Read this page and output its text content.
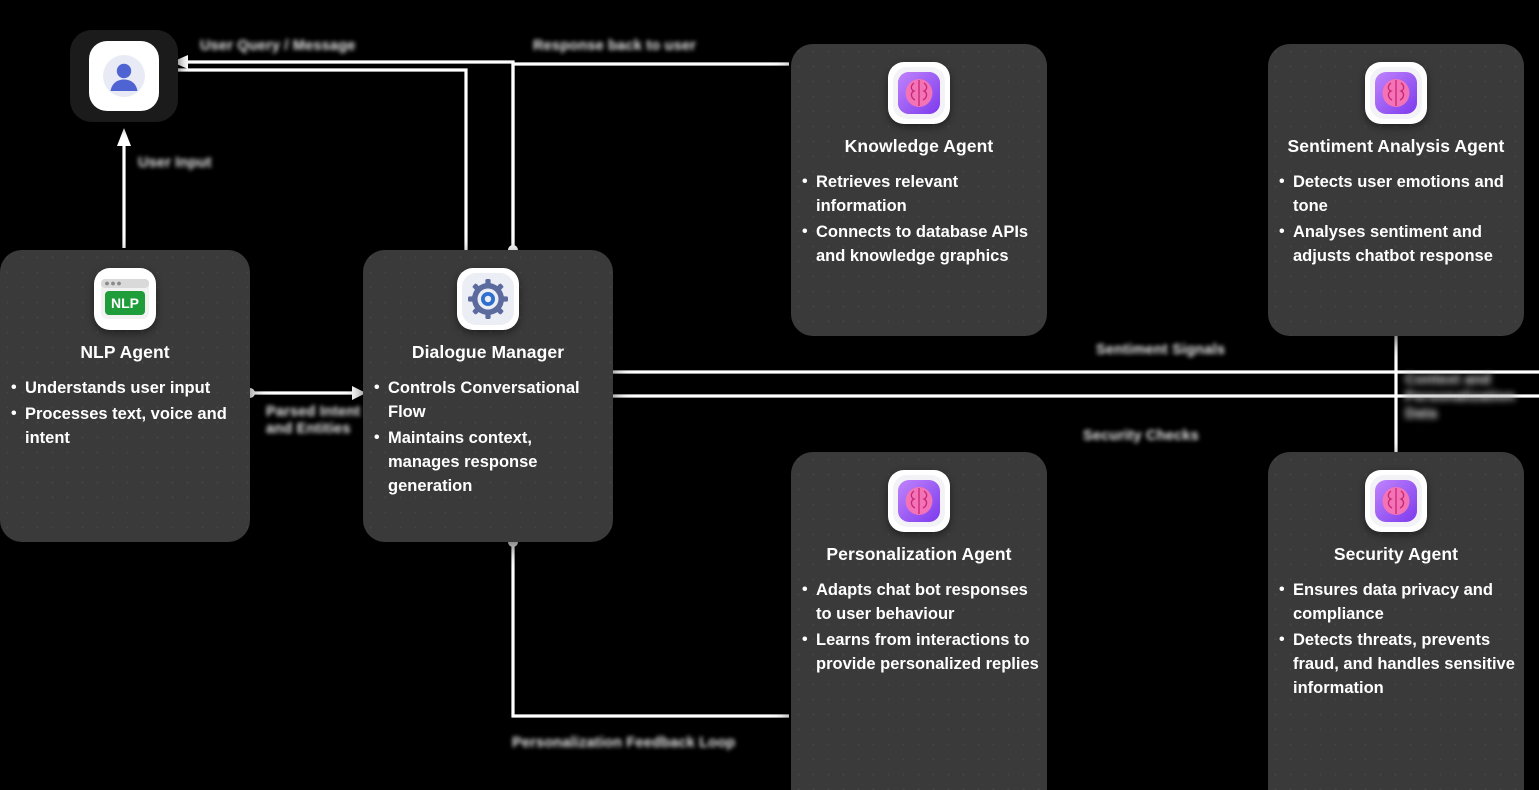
NLP
NLP Agent
• Understands user input
• Processes text, voice and intent
Dialogue Manager
• Controls Conversational Flow
• Maintains context, manages response generation
Knowledge Agent
• Retrieves relevant information
• Connects to database APIs and knowledge graphics
Sentiment Analysis Agent
• Detects user emotions and tone
• Analyses sentiment and adjusts chatbot response
Personalization Agent
• Adapts chat bot responses to user behaviour
• Learns from interactions to provide personalized replies
Security Agent
• Ensures data privacy and compliance
• Detects threats, prevents fraud, and handles sensitive information
User Query / Message	Response back to user
User Input
Parsed Intent and Entities
Sentiment Signals
Security Checks
Context and Personalization Data
Personalization Feedback Loop
